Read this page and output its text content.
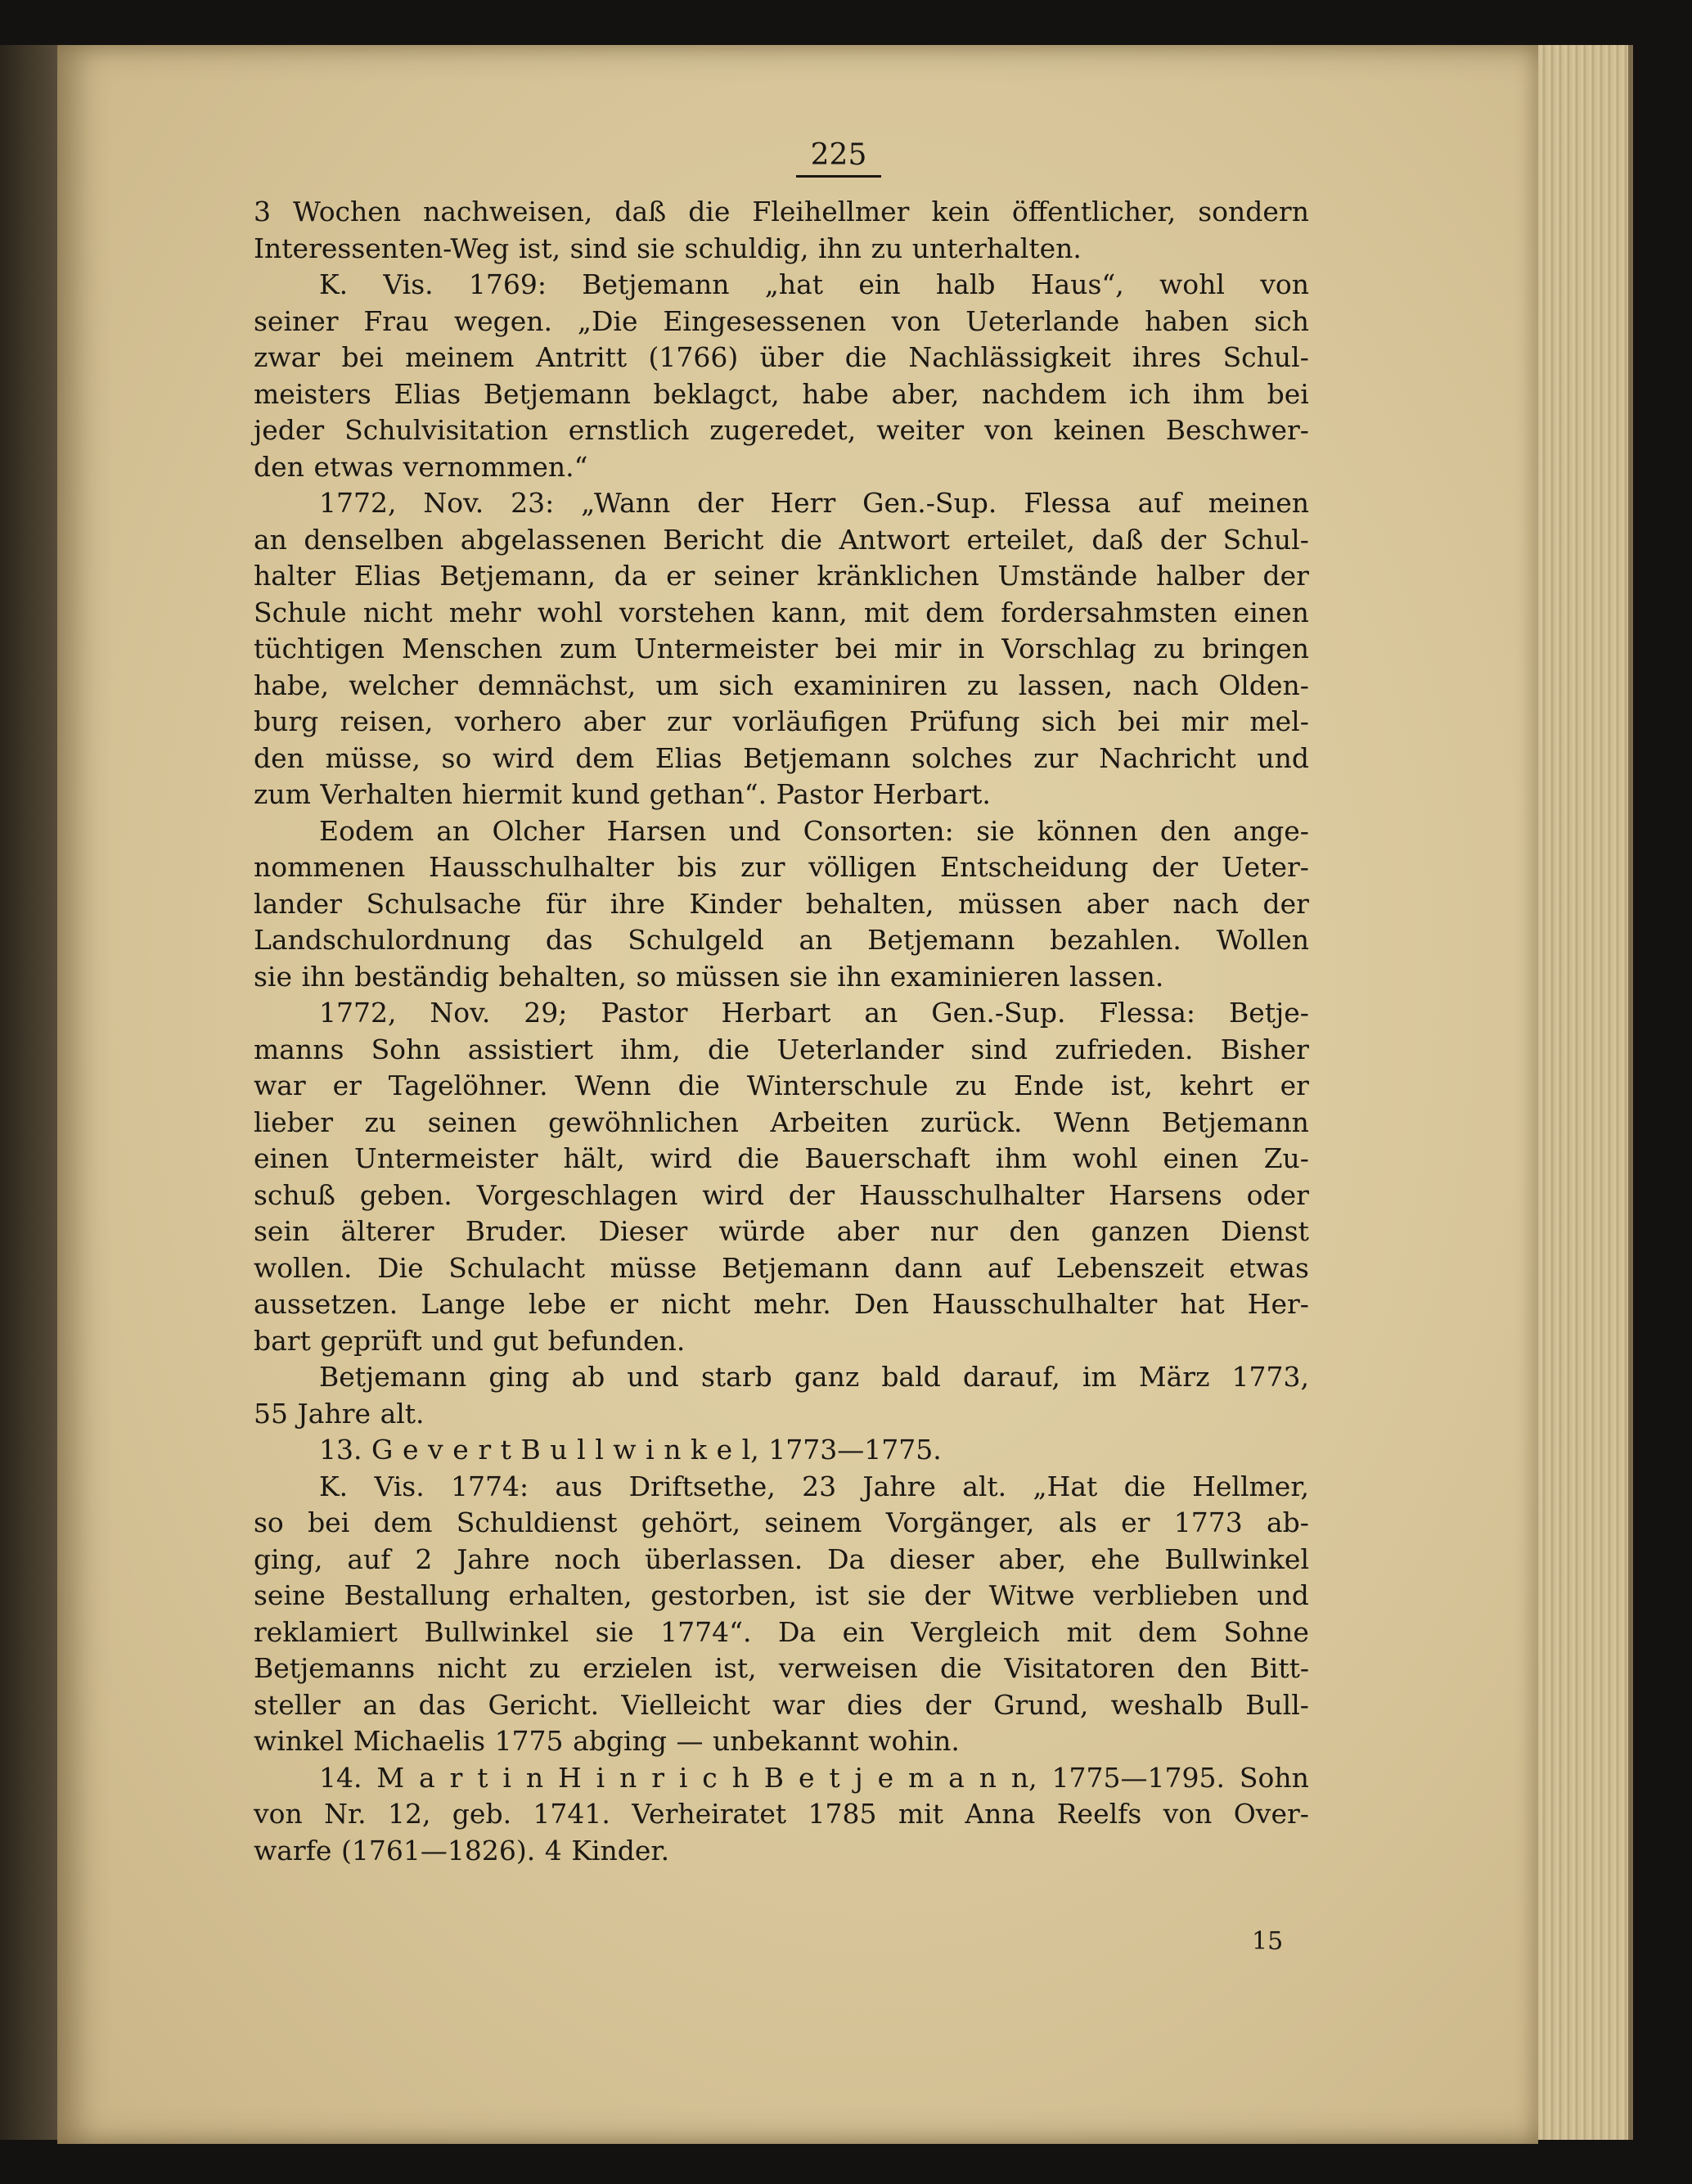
225
3 Wochen nachweisen, daß die Fleihellmer kein öffentlicher, sondern
Interessenten-Weg ist, sind sie schuldig, ihn zu unterhalten.
K. Vis. 1769: Betjemann „hat ein halb Haus“, wohl von
seiner Frau wegen. „Die Eingesessenen von Ueterlande haben sich
zwar bei meinem Antritt (1766) über die Nachlässigkeit ihres Schul-
meisters Elias Betjemann beklagct, habe aber, nachdem ich ihm bei
jeder Schulvisitation ernstlich zugeredet, weiter von keinen Beschwer-
den etwas vernommen.“
1772, Nov. 23: „Wann der Herr Gen.-Sup. Flessa auf meinen
an denselben abgelassenen Bericht die Antwort erteilet, daß der Schul-
halter Elias Betjemann, da er seiner kränklichen Umstände halber der
Schule nicht mehr wohl vorstehen kann, mit dem fordersahmsten einen
tüchtigen Menschen zum Untermeister bei mir in Vorschlag zu bringen
habe, welcher demnächst, um sich examiniren zu lassen, nach Olden-
burg reisen, vorhero aber zur vorläufigen Prüfung sich bei mir mel-
den müsse, so wird dem Elias Betjemann solches zur Nachricht und
zum Verhalten hiermit kund gethan“. Pastor Herbart.
Eodem an Olcher Harsen und Consorten: sie können den ange-
nommenen Hausschulhalter bis zur völligen Entscheidung der Ueter-
lander Schulsache für ihre Kinder behalten, müssen aber nach der
Landschulordnung das Schulgeld an Betjemann bezahlen. Wollen
sie ihn beständig behalten, so müssen sie ihn examinieren lassen.
1772, Nov. 29; Pastor Herbart an Gen.-Sup. Flessa: Betje-
manns Sohn assistiert ihm, die Ueterlander sind zufrieden. Bisher
war er Tagelöhner. Wenn die Winterschule zu Ende ist, kehrt er
lieber zu seinen gewöhnlichen Arbeiten zurück. Wenn Betjemann
einen Untermeister hält, wird die Bauerschaft ihm wohl einen Zu-
schuß geben. Vorgeschlagen wird der Hausschulhalter Harsens oder
sein älterer Bruder. Dieser würde aber nur den ganzen Dienst
wollen. Die Schulacht müsse Betjemann dann auf Lebenszeit etwas
aussetzen. Lange lebe er nicht mehr. Den Hausschulhalter hat Her-
bart geprüft und gut befunden.
Betjemann ging ab und starb ganz bald darauf, im März 1773,
55 Jahre alt.
13. G e v e r t B u l l w i n k e l, 1773—1775.
K. Vis. 1774: aus Driftsethe, 23 Jahre alt. „Hat die Hellmer,
so bei dem Schuldienst gehört, seinem Vorgänger, als er 1773 ab-
ging, auf 2 Jahre noch überlassen. Da dieser aber, ehe Bullwinkel
seine Bestallung erhalten, gestorben, ist sie der Witwe verblieben und
reklamiert Bullwinkel sie 1774“. Da ein Vergleich mit dem Sohne
Betjemanns nicht zu erzielen ist, verweisen die Visitatoren den Bitt-
steller an das Gericht. Vielleicht war dies der Grund, weshalb Bull-
winkel Michaelis 1775 abging — unbekannt wohin.
14. M a r t i n H i n r i c h B e t j e m a n n, 1775—1795. Sohn
von Nr. 12, geb. 1741. Verheiratet 1785 mit Anna Reelfs von Over-
warfe (1761—1826). 4 Kinder.
15
